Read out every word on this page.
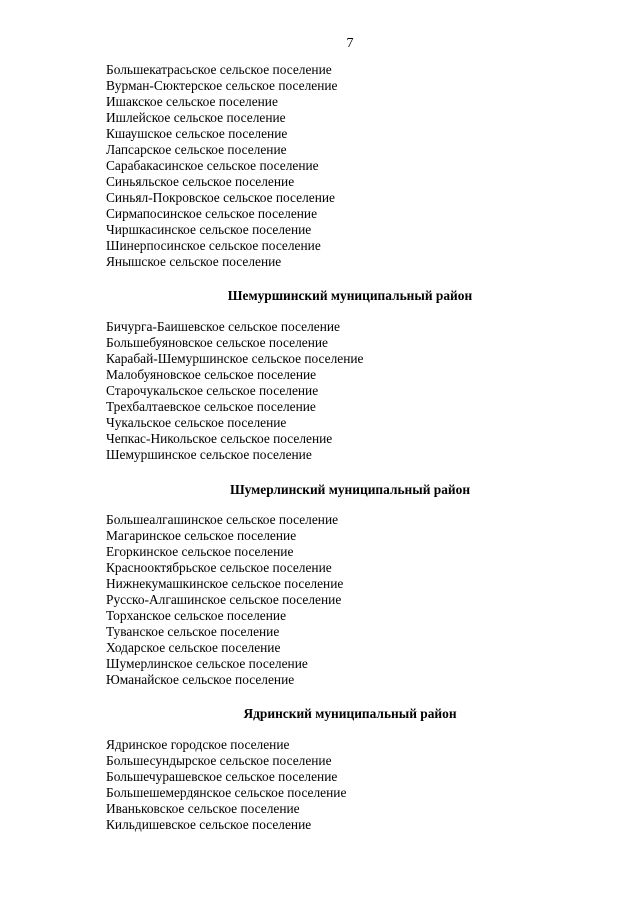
7
Большекатрасьское сельское поселение
Вурман-Сюктерское сельское поселение
Ишакское сельское поселение
Ишлейское сельское поселение
Кшаушское сельское поселение
Лапсарское сельское поселение
Сарабакасинское сельское поселение
Синьяльское сельское поселение
Синьял-Покровское сельское поселение
Сирмапосинское сельское поселение
Чиршкасинское сельское поселение
Шинерпосинское сельское поселение
Янышское сельское поселение
Шемуршинский муниципальный район
Бичурга-Баишевское сельское поселение
Большебуяновское сельское поселение
Карабай-Шемуршинское сельское поселение
Малобуяновское сельское поселение
Старочукальское сельское поселение
Трехбалтаевское сельское поселение
Чукальское сельское поселение
Чепкас-Никольское сельское поселение
Шемуршинское сельское поселение
Шумерлинский муниципальный район
Большеалгашинское сельское поселение
Магаринское сельское поселение
Егоркинское сельское поселение
Краснооктябрьское сельское поселение
Нижнекумашкинское сельское поселение
Русско-Алгашинское сельское поселение
Торханское сельское поселение
Туванское сельское поселение
Ходарское сельское поселение
Шумерлинское сельское поселение
Юманайское сельское поселение
Ядринский муниципальный район
Ядринское городское поселение
Большесундырское сельское поселение
Большечурашевское сельское поселение
Большешемердянское сельское поселение
Иваньковское сельское поселение
Кильдишевское сельское поселение
